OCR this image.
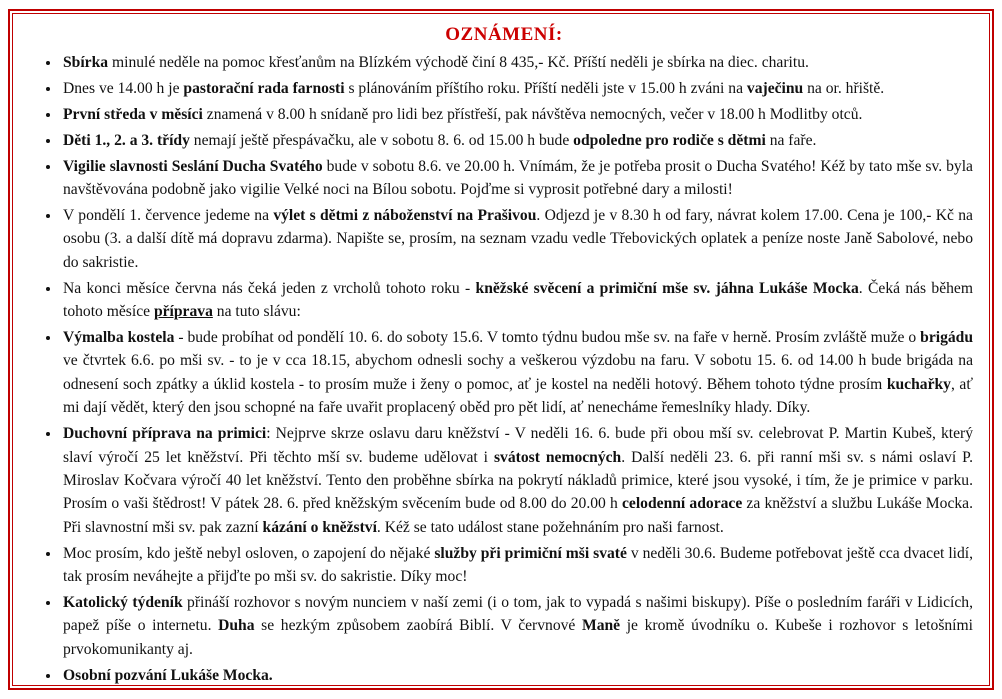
OZNÁMENÍ:
• Sbírka minulé neděle na pomoc křesťanům na Blízkém východě činí 8 435,- Kč. Příští neděli je sbírka na diec. charitu.
• Dnes ve 14.00 h je pastorační rada farnosti s plánováním příštího roku. Příští neděli jste v 15.00 h zváni na vaječinu na or. hřiště.
• První středa v měsíci znamená v 8.00 h snídaně pro lidi bez přístřeší, pak návštěva nemocných, večer v 18.00 h Modlitby otců.
• Děti 1., 2. a 3. třídy nemají ještě přespávačku, ale v sobotu 8. 6. od 15.00 h bude odpoledne pro rodiče s dětmi na faře.
• Vigilie slavnosti Seslání Ducha Svatého bude v sobotu 8.6. ve 20.00 h. Vnímám, že je potřeba prosit o Ducha Svatého! Kéž by tato mše sv. byla navštěvována podobně jako vigilie Velké noci na Bílou sobotu. Pojďme si vyprosit potřebné dary a milosti!
• V pondělí 1. července jedeme na výlet s dětmi z náboženství na Prašivou. Odjezd je v 8.30 h od fary, návrat kolem 17.00. Cena je 100,- Kč na osobu (3. a další dítě má dopravu zdarma). Napište se, prosím, na seznam vzadu vedle Třebovických oplatek a peníze noste Janě Sabolové, nebo do sakristie.
• Na konci měsíce června nás čeká jeden z vrcholů tohoto roku - kněžské svěcení a primiční mše sv. jáhna Lukáše Mocka. Čeká nás během tohoto měsíce příprava na tuto slávu:
• Výmalba kostela - bude probíhat od pondělí 10. 6. do soboty 15.6. V tomto týdnu budou mše sv. na faře v herně. Prosím zvláště muže o brigádu ve čtvrtek 6.6. po mši sv. - to je v cca 18.15, abychom odnesli sochy a veškerou výzdobu na faru. V sobotu 15. 6. od 14.00 h bude brigáda na odnesení soch zpátky a úklid kostela - to prosím muže i ženy o pomoc, ať je kostel na neděli hotový. Během tohoto týdne prosím kuchařky, ať mi dají vědět, který den jsou schopné na faře uvařit proplacený oběd pro pět lidí, ať nenecháme řemeslníky hlady. Díky.
• Duchovní příprava na primici: Nejprve skrze oslavu daru kněžství - V neděli 16. 6. bude při obou mší sv. celebrovat P. Martin Kubeš, který slaví výročí 25 let kněžství. Při těchto mší sv. budeme udělovat i svátost nemocných. Další neděli 23. 6. při ranní mši sv. s námi oslaví P. Miroslav Kočvara výročí 40 let kněžství. Tento den proběhne sbírka na pokrytí nákladů primice, které jsou vysoké, i tím, že je primice v parku. Prosím o vaši štědrost! V pátek 28. 6. před kněžským svěcením bude od 8.00 do 20.00 h celodenní adorace za kněžství a službu Lukáše Mocka. Při slavnostní mši sv. pak zazní kázání o kněžství. Kéž se tato událost stane požehnáním pro naši farnost.
• Moc prosím, kdo ještě nebyl osloven, o zapojení do nějaké služby při primiční mši svaté v neděli 30.6. Budeme potřebovat ještě cca dvacet lidí, tak prosím neváhejte a přijďte po mši sv. do sakristie. Díky moc!
• Katolický týdeník přináší rozhovor s novým nunciem v naší zemi (i o tom, jak to vypadá s našimi biskupy). Píše o posledním faráři v Lidicích, papež píše o internetu. Duha se hezkým způsobem zaobírá Biblí. V červnové Maně je kromě úvodníku o. Kubeše i rozhovor s letošními prvokomunikanty aj.
• Osobní pozvání Lukáše Mocka.
